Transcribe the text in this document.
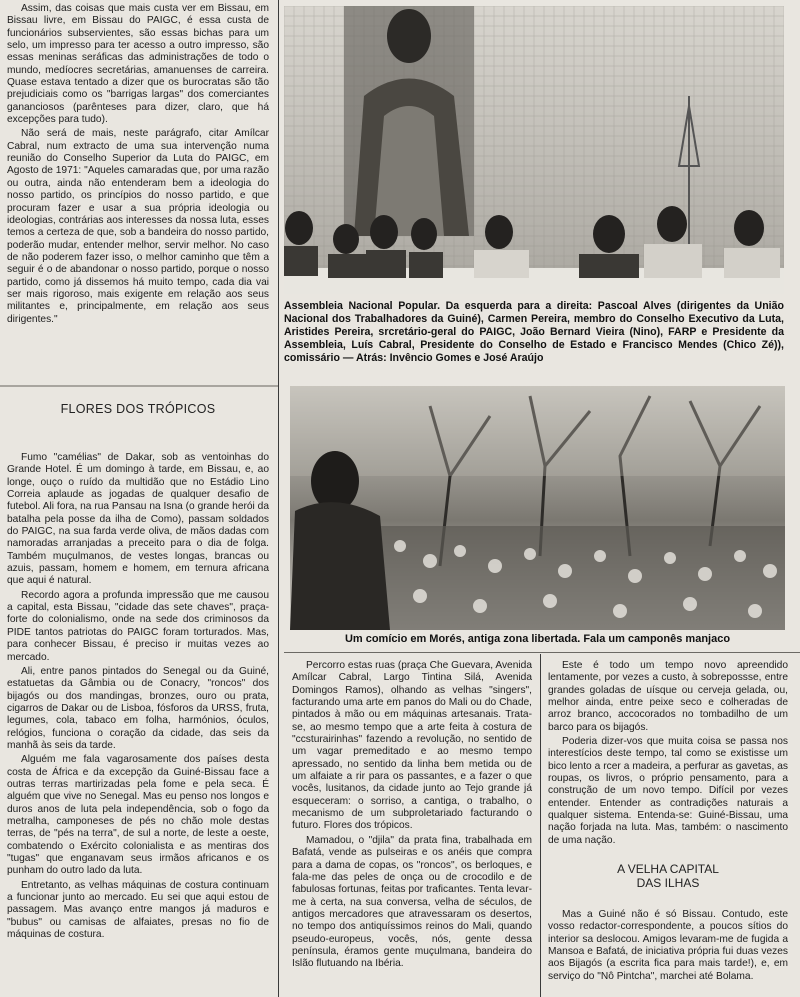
Assim, das coisas que mais custa ver em Bissau, em Bissau livre, em Bissau do PAIGC, é essa custa de funcionários subservientes, são essas bichas para um selo, um impresso para ter acesso a outro impresso, são essas meninas seráficas das administrações de todo o mundo, medíocres secretárias, amanuenses de carreira. Quase estava tentado a dizer que os burocratas são tão prejudiciais como os "barrigas largas" dos comerciantes gananciosos (parênteses para dizer, claro, que há excepções para tudo).

Não será de mais, neste parágrafo, citar Amílcar Cabral, num extracto de uma sua intervenção numa reunião do Conselho Superior da Luta do PAIGC, em Agosto de 1971: "Aqueles camaradas que, por uma razão ou outra, ainda não entenderam bem a ideologia do nosso partido, os princípios do nosso partido, e que procuram fazer e usar a sua própria ideologia ou ideologias, contrárias aos interesses da nossa luta, esses temos a certeza de que, sob a bandeira do nosso partido, poderão mudar, entender melhor, servir melhor. No caso de não poderem fazer isso, o melhor caminho que têm a seguir é o de abandonar o nosso partido, porque o nosso partido, como já dissemos há muito tempo, cada dia vai ser mais rigoroso, mais exigente em relação aos seus militantes e, principalmente, em relação aos seus dirigentes."

FLORES DOS TRÓPICOS

Fumo "camélias" de Dakar, sob as ventoinhas do Grande Hotel. É um domingo à tarde, em Bissau, e, ao longe, ouço o ruído da multidão que no Estádio Lino Correia aplaude as jogadas de qualquer desafio de futebol. Ali fora, na rua Pansau na Isna (o grande herói da batalha pela posse da ilha de Como), passam soldados do PAIGC, na sua farda verde oliva, de mãos dadas com namoradas arranjadas a preceito para o dia de folga. Também muçulmanos, de vestes longas, brancas ou azuis, passam, homem e homem, em ternura africana que aqui é natural.

Recordo agora a profunda impressão que me causou a capital, esta Bissau, "cidade das sete chaves", praça-forte do colonialismo, onde na sede dos criminosos da PIDE tantos patriotas do PAIGC foram torturados. Mas, para conhecer Bissau, é preciso ir muitas vezes ao mercado.

Ali, entre panos pintados do Senegal ou da Guiné, estatuetas da Gâmbia ou de Conacry, "roncos" dos bijagós ou dos mandingas, bronzes, ouro ou prata, cigarros de Dakar ou de Lisboa, fósforos da URSS, fruta, legumes, cola, tabaco em folha, harmónios, óculos, relógios, funciona o coração da cidade, das seis da manhã às seis da tarde.

Alguém me fala vagarosamente dos países desta costa de África e da excepção da Guiné-Bissau face a outras terras martirizadas pela fome e pela seca. É alguém que vive no Senegal. Mas eu penso nos longos e duros anos de luta pela independência, sob o fogo da metralha, camponeses de pés no chão mole destas terras, de "pés na terra", de sul a norte, de leste a oeste, combatendo o Exército colonialista e as mentiras dos "tugas" que enganavam seus irmãos africanos e os punham do outro lado da luta.

Entretanto, as velhas máquinas de costura continuam a funcionar junto ao mercado. Eu sei que aqui estou de passagem. Mas avanço entre mangos já maduros e "bubus" ou camisas de alfaiates, presas no fio de máquinas de costura.

Assembleia Nacional Popular. Da esquerda para a direita: Pascoal Alves (dirigentes da União Nacional dos Trabalhadores da Guiné), Carmen Pereira, membro do Conselho Executivo da Luta, Aristides Pereira, srcretário-geral do PAIGC, João Bernard Vieira (Nino), FARP e Presidente da Assembleia, Luís Cabral, Presidente do Conselho de Estado e Francisco Mendes (Chico Zé)), comissário — Atrás: Invêncio Gomes e José Araújo
Um comício em Morés, antiga zona libertada. Fala um camponês manjaco

Percorro estas ruas (praça Che Guevara, Avenida Amílcar Cabral, Largo Tintina Silá, Avenida Domingos Ramos), olhando as velhas "singers", facturando uma arte em panos do Mali ou do Chade, pintados à mão ou em máquinas artesanais. Trata-se, ao mesmo tempo que a arte feita à costura de "ccsturairinhas" fazendo a revolução, no sentido de um vagar premeditado e ao mesmo tempo apressado, no sentido da linha bem metida ou de um alfaiate a rir para os passantes, e a fazer o que vocês, lusitanos, da cidade junto ao Tejo grande já esqueceram: o sorriso, a cantiga, o trabalho, o mecanismo de um subproletariado facturando o futuro. Flores dos trópicos.

Mamadou, o "djila" da prata fina, trabalhada em Bafatá, vende as pulseiras e os anéis que compra para a dama de copas, os "roncos", os berloques, e fala-me das peles de onça ou de crocodilo e de fabulosas fortunas, feitas por traficantes. Tenta levar-me à certa, na sua conversa, velha de séculos, de antigos mercadores que atravessaram os desertos, no tempo dos antiquíssimos reinos do Mali, quando pseudo-europeus, vocês, nós, gente dessa península, éramos gente muçulmana, bandeira do Islão flutuando na Ibéria.

Este é todo um tempo novo apreendido lentamente, por vezes a custo, à sobrepossse, entre grandes goladas de uísque ou cerveja gelada, ou, melhor ainda, entre peixe seco e colheradas de arroz branco, accocorados no tombadilho de um barco para os bijagós.

Poderia dizer-vos que muita coisa se passa nos interestícios deste tempo, tal como se existisse um bico lento a rcer a madeira, a perfurar as gavetas, as roupas, os livros, o próprio pensamento, para a construção de um novo tempo. Difícil por vezes entender. Entender as contradições naturais a qualquer sistema. Entenda-se: Guiné-Bissau, uma nação forjada na luta. Mas, também: o nascimento de uma nação.

A VELHA CAPITAL DAS ILHAS

Mas a Guiné não é só Bissau. Contudo, este vosso redactor-correspondente, a poucos sítios do interior sa deslocou. Amigos levaram-me de fugida a Mansoa e Bafatá, de iniciativa própria fui duas vezes aos Bijagós (a escrita fica para mais tarde!), e, em serviço do "Nô Pintcha", marchei até Bolama.
